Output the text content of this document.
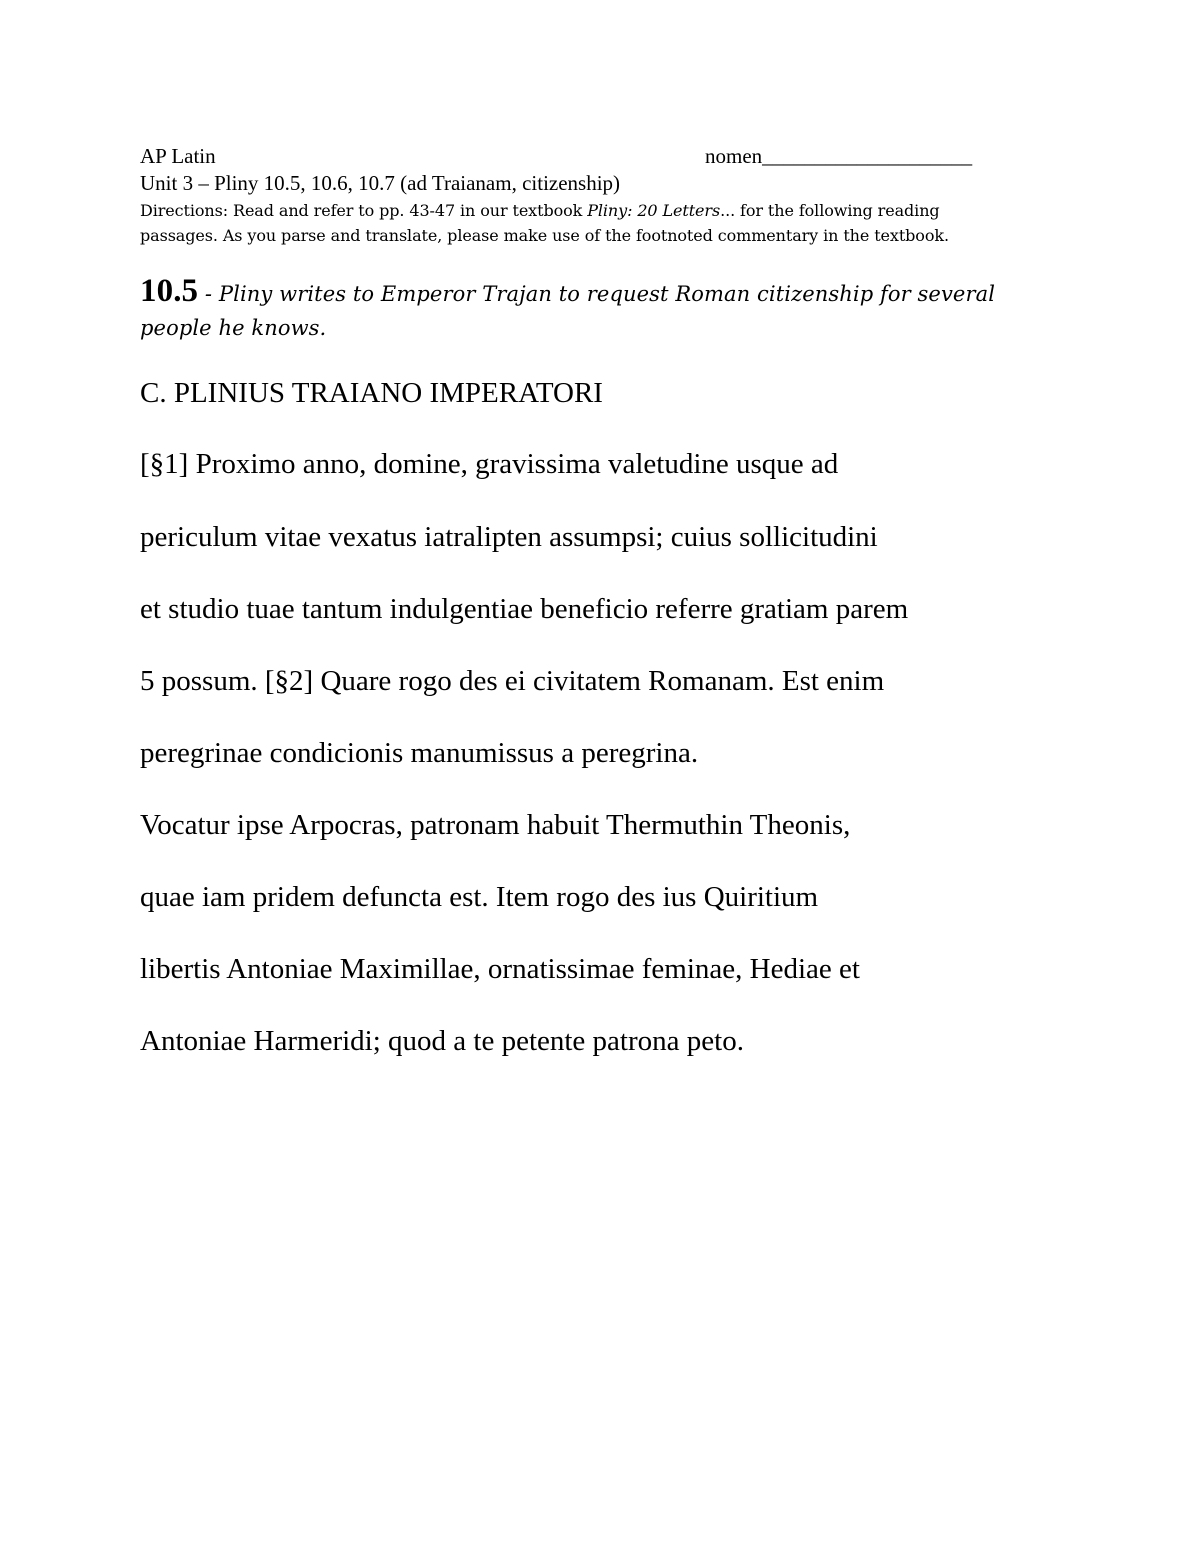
AP Latin	nomen____________________
Unit 3 – Pliny 10.5, 10.6, 10.7 (ad Traianam, citizenship)
Directions: Read and refer to pp. 43-47 in our textbook Pliny: 20 Letters... for the following reading
passages. As you parse and translate, please make use of the footnoted commentary in the textbook.
10.5 - Pliny writes to Emperor Trajan to request Roman citizenship for several
people he knows.
C. PLINIUS TRAIANO IMPERATORI
[§1] Proximo anno, domine, gravissima valetudine usque ad
periculum vitae vexatus iatralipten assumpsi; cuius sollicitudini
et studio tuae tantum indulgentiae beneficio referre gratiam parem
5 possum. [§2] Quare rogo des ei civitatem Romanam. Est enim
peregrinae condicionis manumissus a peregrina.
Vocatur ipse Arpocras, patronam habuit Thermuthin Theonis,
quae iam pridem defuncta est. Item rogo des ius Quiritium
libertis Antoniae Maximillae, ornatissimae feminae, Hediae et
Antoniae Harmeridi; quod a te petente patrona peto.
